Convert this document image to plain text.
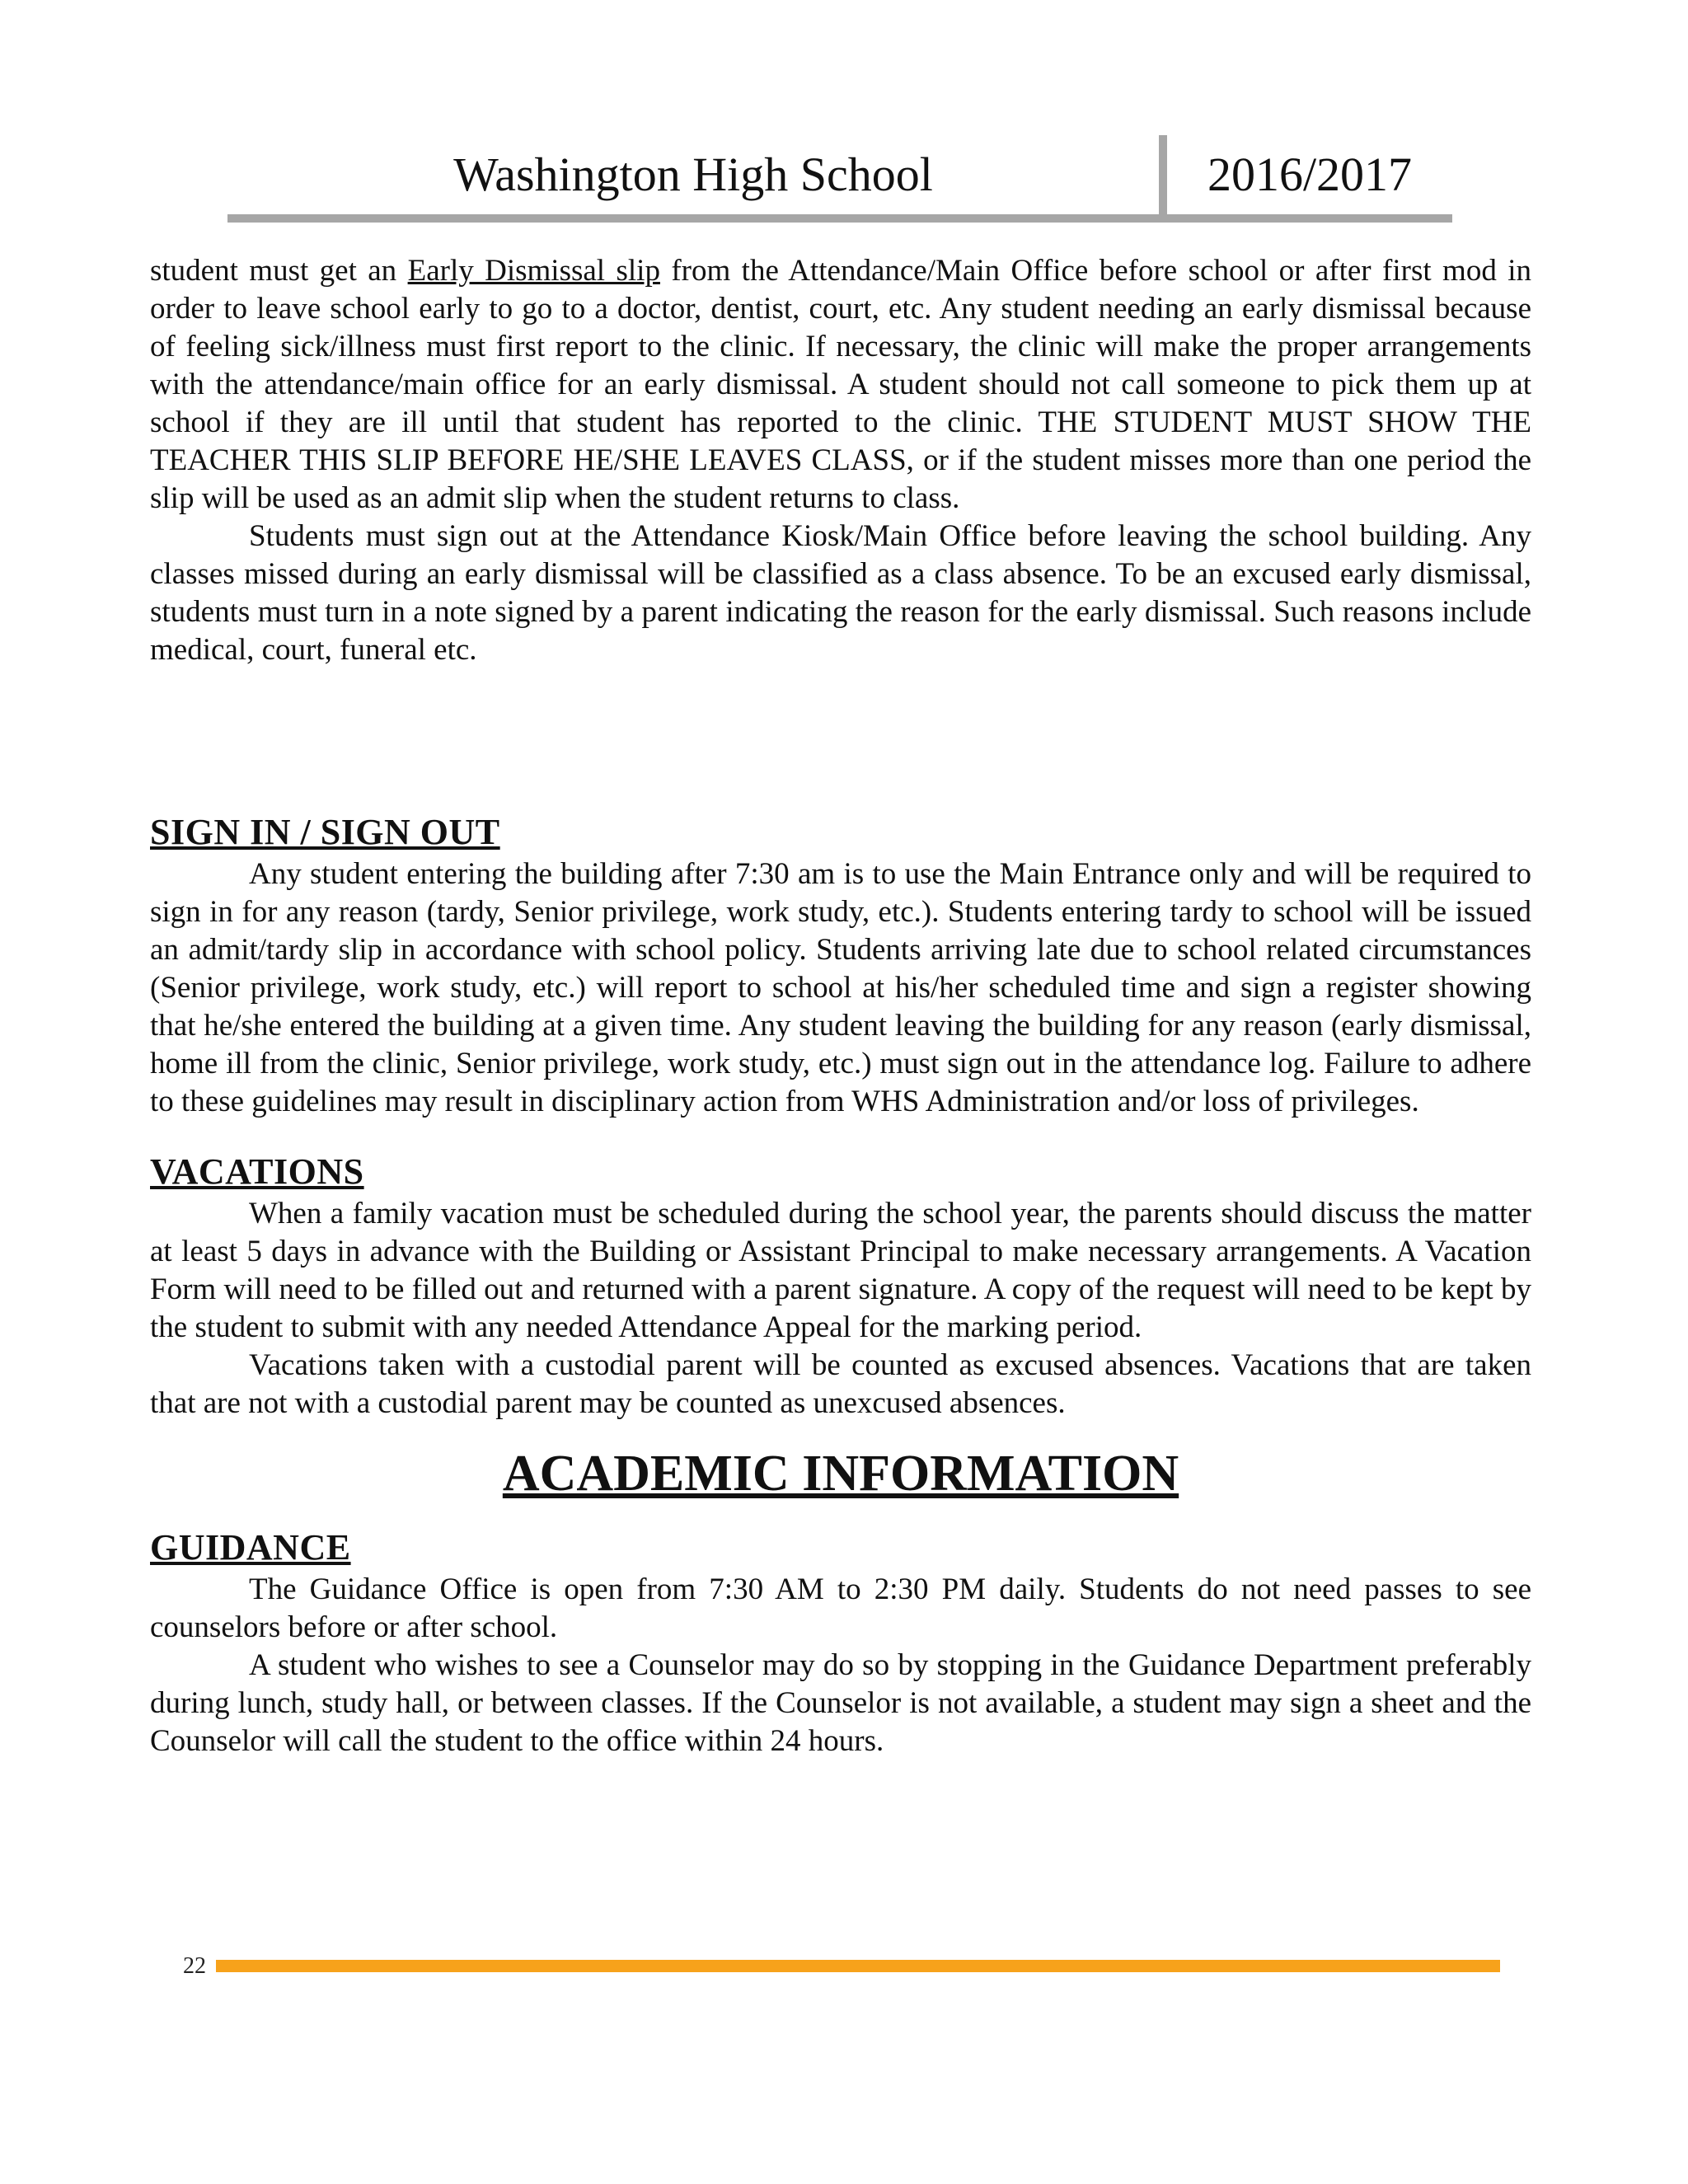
Washington High School	2016/2017

student must get an Early Dismissal slip from the Attendance/Main Office before school or after first mod in order to leave school early to go to a doctor, dentist, court, etc. Any student needing an early dismissal because of feeling sick/illness must first report to the clinic. If necessary, the clinic will make the proper arrangements with the attendance/main office for an early dismissal. A student should not call someone to pick them up at school if they are ill until that student has reported to the clinic. THE STUDENT MUST SHOW THE TEACHER THIS SLIP BEFORE HE/SHE LEAVES CLASS, or if the student misses more than one period the slip will be used as an admit slip when the student returns to class.

Students must sign out at the Attendance Kiosk/Main Office before leaving the school building. Any classes missed during an early dismissal will be classified as a class absence. To be an excused early dismissal, students must turn in a note signed by a parent indicating the reason for the early dismissal. Such reasons include medical, court, funeral etc.

SIGN IN / SIGN OUT

Any student entering the building after 7:30 am is to use the Main Entrance only and will be required to sign in for any reason (tardy, Senior privilege, work study, etc.). Students entering tardy to school will be issued an admit/tardy slip in accordance with school policy. Students arriving late due to school related circumstances (Senior privilege, work study, etc.) will report to school at his/her scheduled time and sign a register showing that he/she entered the building at a given time. Any student leaving the building for any reason (early dismissal, home ill from the clinic, Senior privilege, work study, etc.) must sign out in the attendance log. Failure to adhere to these guidelines may result in disciplinary action from WHS Administration and/or loss of privileges.

VACATIONS

When a family vacation must be scheduled during the school year, the parents should discuss the matter at least 5 days in advance with the Building or Assistant Principal to make necessary arrangements. A Vacation Form will need to be filled out and returned with a parent signature. A copy of the request will need to be kept by the student to submit with any needed Attendance Appeal for the marking period.

Vacations taken with a custodial parent will be counted as excused absences. Vacations that are taken that are not with a custodial parent may be counted as unexcused absences.

ACADEMIC INFORMATION
GUIDANCE

The Guidance Office is open from 7:30 AM to 2:30 PM daily. Students do not need passes to see counselors before or after school.

A student who wishes to see a Counselor may do so by stopping in the Guidance Department preferably during lunch, study hall, or between classes. If the Counselor is not available, a student may sign a sheet and the Counselor will call the student to the office within 24 hours.

22
